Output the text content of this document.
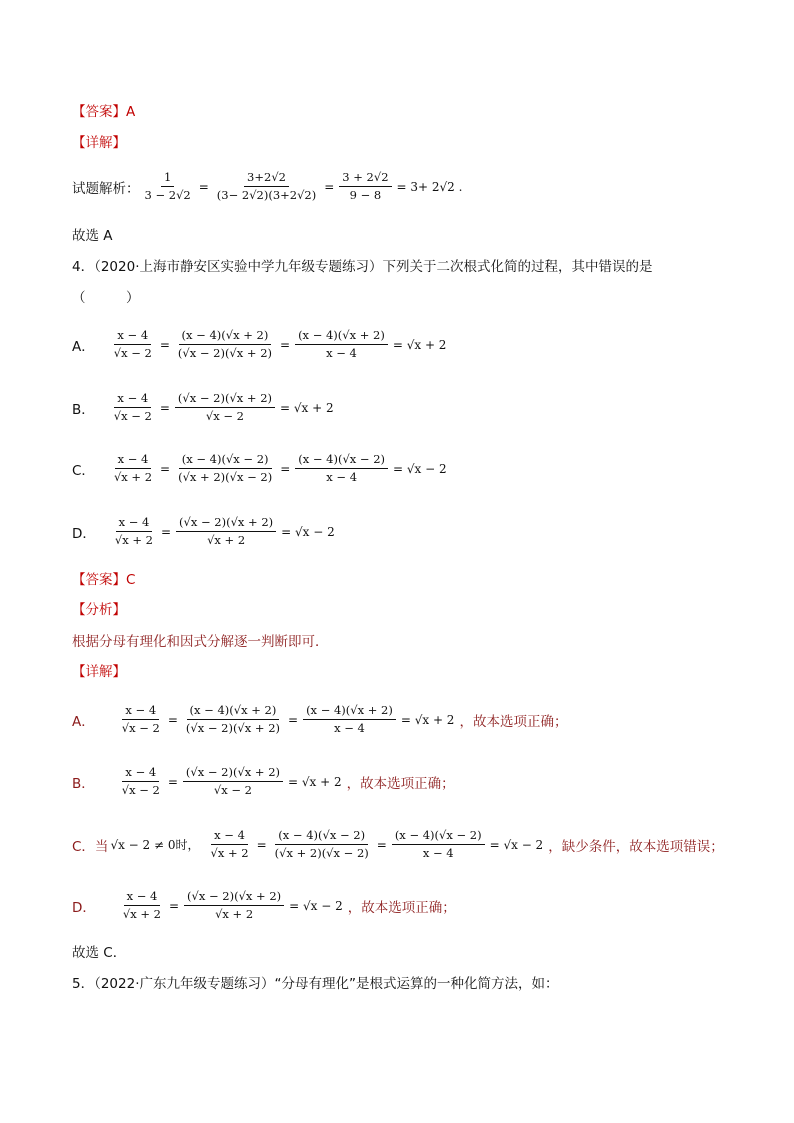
【答案】A
【详解】
试题解析： $\frac{1}{3 - 2√2} = \frac{3+2√2}{(3- 2√2)(3+2√2)} = \frac{3 + 2√2}{9 - 8} = 3+ 2√2$ .
故选 A
4．（2020·上海市静安区实验中学九年级专题练习）下列关于二次根式化简的过程，其中错误的是
（　　　）
A． $\frac{x - 4}{√x - 2} = \frac{(x - 4)(√x + 2)}{(√x - 2)(√x + 2)} = \frac{(x - 4)(√x + 2)}{x - 4} = √x + 2$
B． $\frac{x - 4}{√x - 2} = \frac{(√x - 2)(√x + 2)}{√x - 2} = √x + 2$
C． $\frac{x - 4}{√x + 2} = \frac{(x - 4)(√x - 2)}{(√x + 2)(√x - 2)} = \frac{(x - 4)(√x - 2)}{x - 4} = √x - 2$
D． $\frac{x - 4}{√x + 2} = \frac{(√x - 2)(√x + 2)}{√x + 2} = √x - 2$
【答案】C
【分析】
根据分母有理化和因式分解逐一判断即可．
【详解】
A． $\frac{x - 4}{√x - 2} = \frac{(x - 4)(√x + 2)}{(√x - 2)(√x + 2)} = \frac{(x - 4)(√x + 2)}{x - 4} = √x + 2$ ，故本选项正确；
B． $\frac{x - 4}{√x - 2} = \frac{(√x - 2)(√x + 2)}{√x - 2} = √x + 2$ ，故本选项正确；
C．当 √x − 2 ≠ 0时， $\frac{x - 4}{√x + 2} = \frac{(x - 4)(√x - 2)}{(√x + 2)(√x - 2)} = \frac{(x - 4)(√x - 2)}{x - 4} = √x - 2$ ，缺少条件，故本选项错误；
D． $\frac{x - 4}{√x + 2} = \frac{(√x - 2)(√x + 2)}{√x + 2} = √x - 2$ ，故本选项正确；
故选 C．
5．（2022·广东九年级专题练习）“分母有理化”是根式运算的一种化简方法，如：
